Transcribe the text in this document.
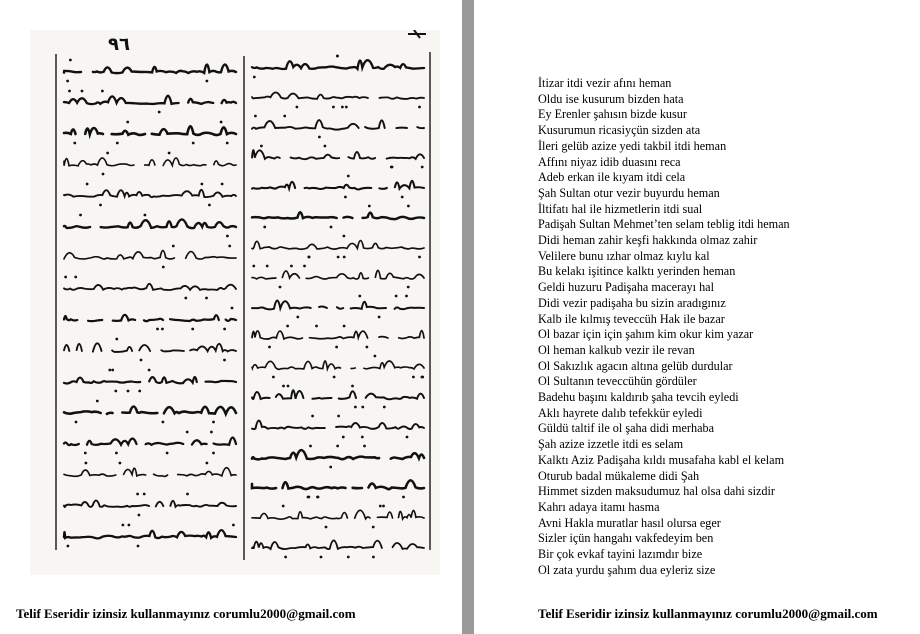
٩٦
Telif Eseridir izinsiz kullanmayınız corumlu2000@gmail.com
İtizar itdi vezir afını heman
Oldu ise kusurum bizden hata
Ey Erenler şahısın bizde kusur
Kusurumun ricasiyçün sizden ata
İleri gelüb azize yedi takbil itdi heman
Affını niyaz idib duasını reca
Adeb erkan ile kıyam itdi cela
Şah Sultan otur vezir buyurdu heman
İltifatı hal ile hizmetlerin itdi sual
Padişah Sultan Mehmet’ten selam teblig itdi heman
Didi heman zahir keşfi hakkında olmaz zahir
Velilere bunu ızhar olmaz kıylu kal
Bu kelakı işitince kalktı yerinden heman
Geldi huzuru Padişaha macerayı hal
Didi vezir padişaha bu sizin aradıgınız
Kalb ile kılmış teveccüh Hak ile bazar
Ol bazar için için şahım kim okur kim yazar
Ol heman kalkub vezir ile revan
Ol Sakızlık agacın altına gelüb durdular
Ol Sultanın teveccühün gördüler
Badehu başını kaldırıb şaha tevcih eyledi
Aklı hayrete dalıb tefekkür eyledi
Güldü taltif ile ol şaha didi merhaba
Şah azize izzetle itdi es selam
Kalktı Aziz Padişaha kıldı musafaha kabl el kelam
Oturub badal mükaleme didi Şah
Himmet sizden maksudumuz hal olsa dahi sizdir
Kahrı adaya itamı hasma
Avni Hakla muratlar hasıl olursa eger
Sizler içün hangahı vakfedeyim ben
Bir çok evkaf tayini lazımdır bize
Ol zata yurdu şahım dua eyleriz size
Telif Eseridir izinsiz kullanmayınız corumlu2000@gmail.com
